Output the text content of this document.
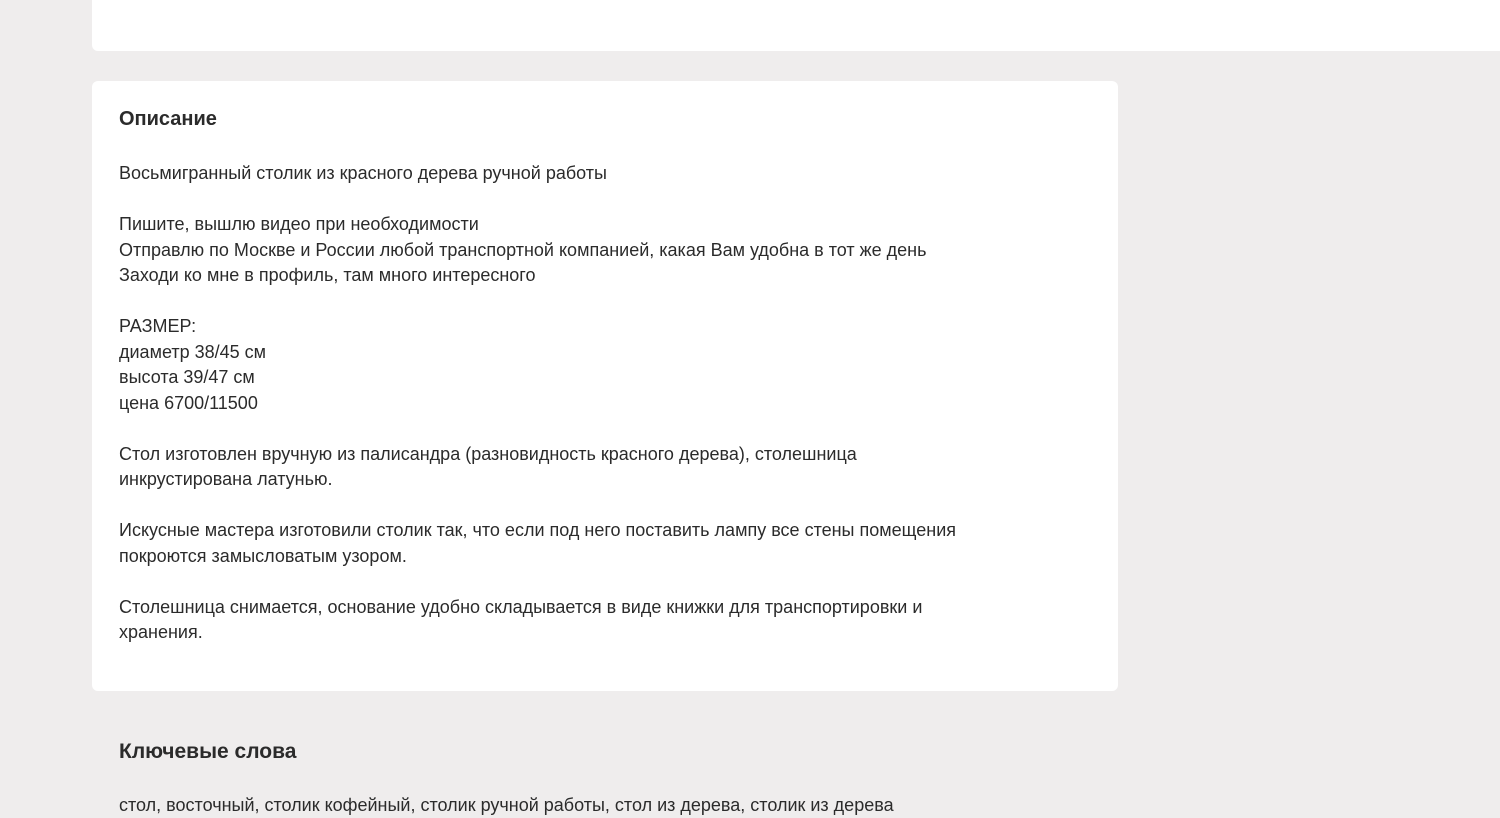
Описание

Восьмигранный столик из красного дерева ручной работы

Пишите, вышлю видео при необходимости
Отправлю по Москве и России любой транспортной компанией, какая Вам удобна в тот же день
Заходи ко мне в профиль, там много интересного

РАЗМЕР:
диаметр 38/45 см
высота 39/47 см
цена 6700/11500

Стол изготовлен вручную из палисандра (разновидность красного дерева), столешница
инкрустирована латунью.

Искусные мастера изготовили столик так, что если под него поставить лампу все стены помещения
покроются замысловатым узором.

Столешница снимается, основание удобно складывается в виде книжки для транспортировки и
хранения.

Ключевые слова
стол, восточный, столик кофейный, столик ручной работы, стол из дерева, столик из дерева
